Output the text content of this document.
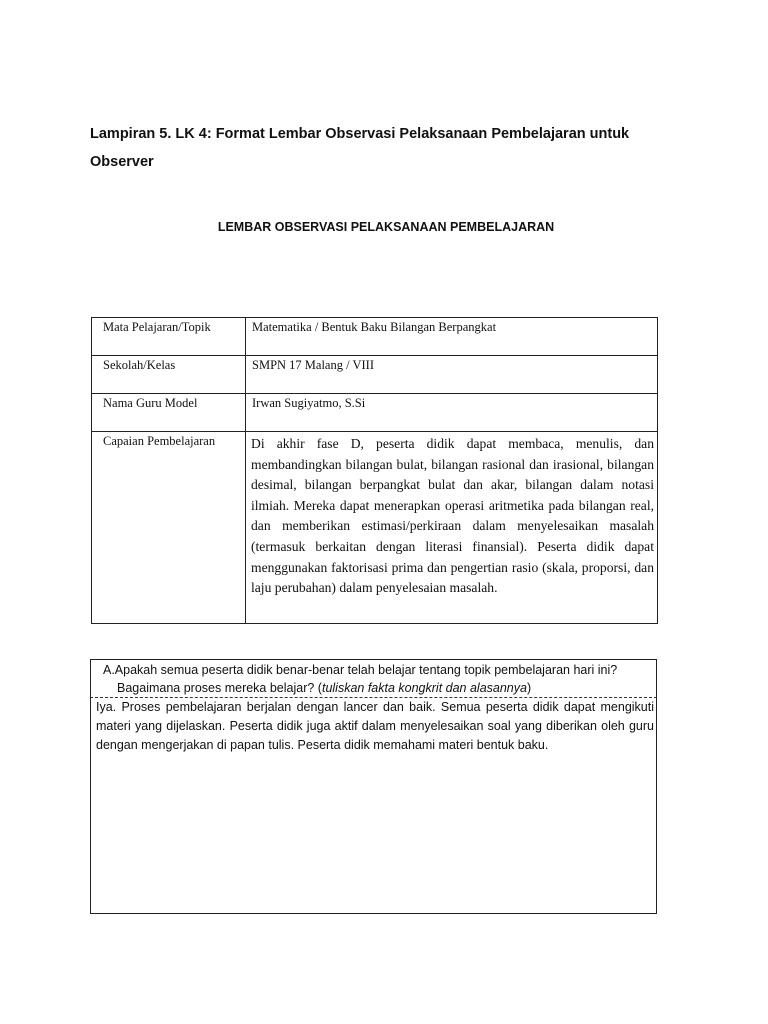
Lampiran 5. LK 4: Format Lembar Observasi Pelaksanaan Pembelajaran untuk
Observer
LEMBAR OBSERVASI PELAKSANAAN PEMBELAJARAN
Mata Pelajaran/Topik	Matematika / Bentuk Baku Bilangan Berpangkat
Sekolah/Kelas	SMPN 17 Malang / VIII
Nama Guru Model	Irwan Sugiyatmo, S.Si
Capaian Pembelajaran	Di akhir fase D, peserta didik dapat membaca, menulis, dan membandingkan bilangan bulat, bilangan rasional dan irasional, bilangan desimal, bilangan berpangkat bulat dan akar, bilangan dalam notasi ilmiah. Mereka dapat menerapkan operasi aritmetika pada bilangan real, dan memberikan estimasi/perkiraan dalam menyelesaikan masalah (termasuk berkaitan dengan literasi finansial). Peserta didik dapat menggunakan faktorisasi prima dan pengertian rasio (skala, proporsi, dan laju perubahan) dalam penyelesaian masalah.

A.Apakah semua peserta didik benar-benar telah belajar tentang topik pembelajaran hari ini? Bagaimana proses mereka belajar? (tuliskan fakta kongkrit dan alasannya)

Iya. Proses pembelajaran berjalan dengan lancer dan baik. Semua peserta didik dapat mengikuti materi yang dijelaskan. Peserta didik juga aktif dalam menyelesaikan soal yang diberikan oleh guru dengan mengerjakan di papan tulis. Peserta didik memahami materi bentuk baku.
